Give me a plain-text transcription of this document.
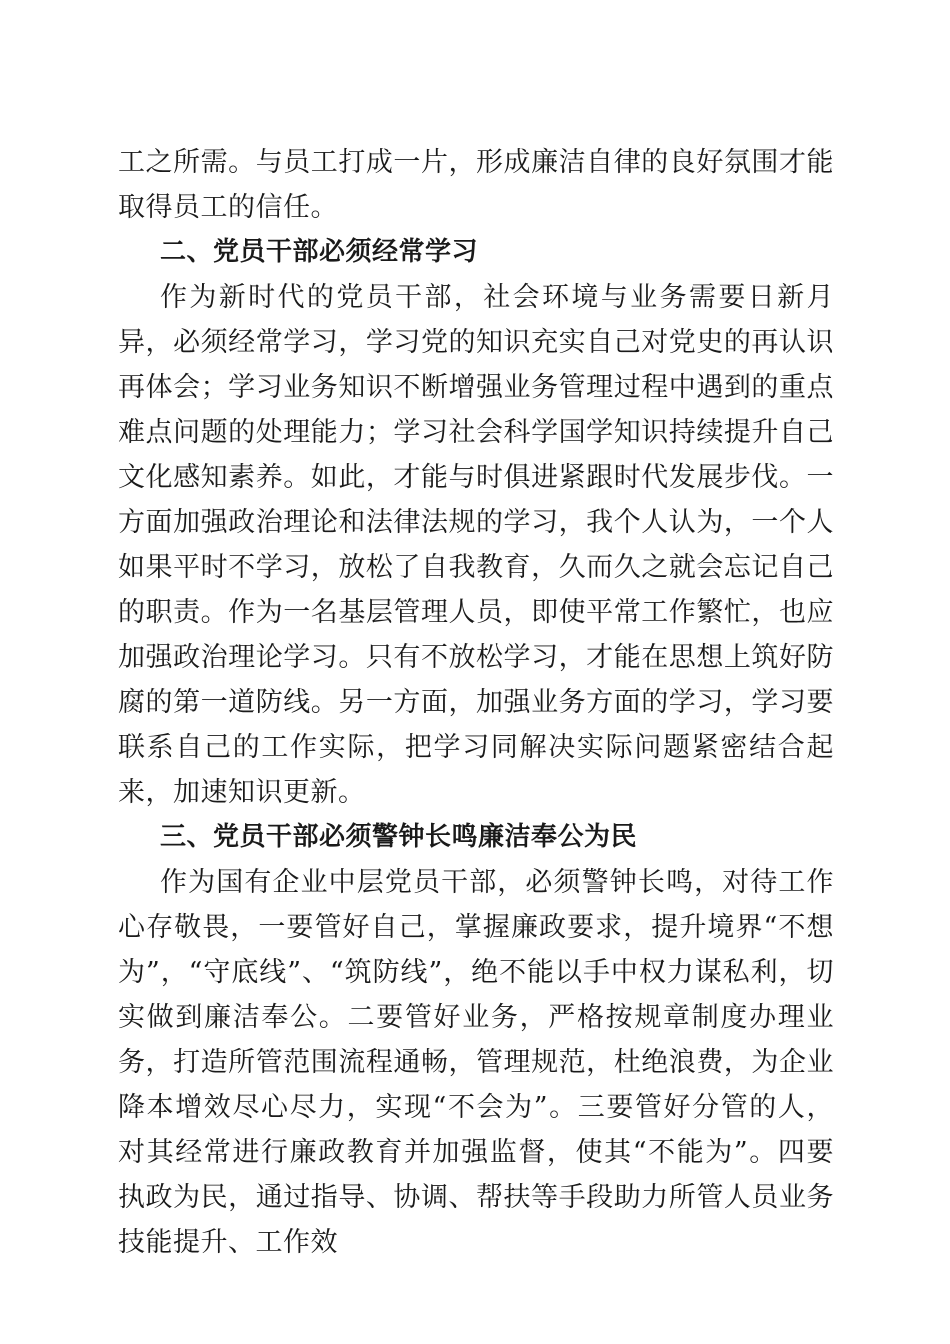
工之所需。与员工打成一片，形成廉洁自律的良好氛围才能取得员工的信任。

二、党员干部必须经常学习

作为新时代的党员干部，社会环境与业务需要日新月异，必须经常学习，学习党的知识充实自己对党史的再认识再体会；学习业务知识不断增强业务管理过程中遇到的重点难点问题的处理能力；学习社会科学国学知识持续提升自己文化感知素养。如此，才能与时俱进紧跟时代发展步伐。一方面加强政治理论和法律法规的学习，我个人认为，一个人如果平时不学习，放松了自我教育，久而久之就会忘记自己的职责。作为一名基层管理人员，即使平常工作繁忙，也应加强政治理论学习。只有不放松学习，才能在思想上筑好防腐的第一道防线。另一方面，加强业务方面的学习，学习要联系自己的工作实际，把学习同解决实际问题紧密结合起来，加速知识更新。

三、党员干部必须警钟长鸣廉洁奉公为民

作为国有企业中层党员干部，必须警钟长鸣，对待工作心存敬畏，一要管好自己，掌握廉政要求，提升境界“不想为”，“守底线”、“筑防线”，绝不能以手中权力谋私利，切实做到廉洁奉公。二要管好业务，严格按规章制度办理业务，打造所管范围流程通畅，管理规范，杜绝浪费，为企业降本增效尽心尽力，实现“不会为”。三要管好分管的人，对其经常进行廉政教育并加强监督，使其“不能为”。四要执政为民，通过指导、协调、帮扶等手段助力所管人员业务技能提升、工作效
